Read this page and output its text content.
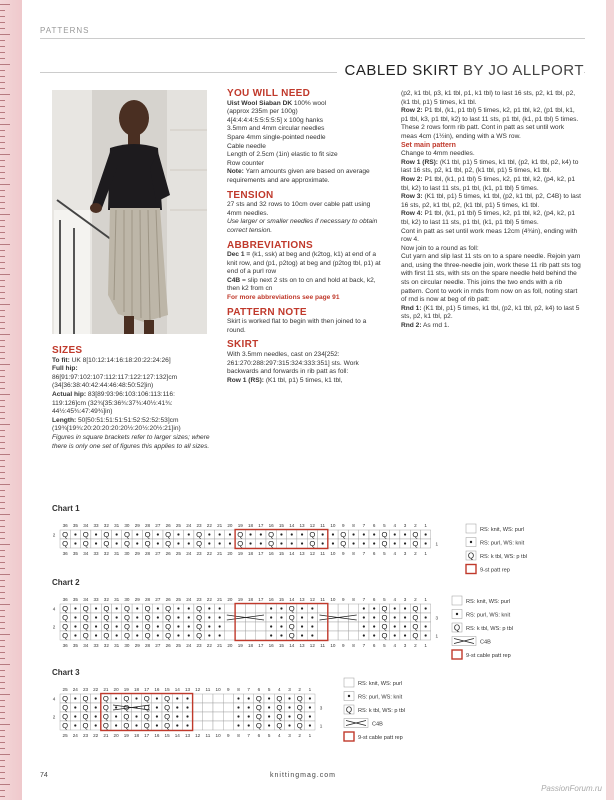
PATTERNS
CABLED SKIRT BY JO ALLPORT
SIZES

To fit: UK 8[10:12:14:16:18:20:22:24:26]

Full hip:

86[91:97:102:107:112:117:122:127:132]cm

(34[36:38:40:42:44:46:48:50:52]in)

Actual hip: 83[89:93:96:103:106:113:116:

119:126]cm (32¾[35:36¾:37¾:40½:41¾:

44½:45¾:47:49¾]in)

Length: 50[50:51:51:51:51:52:52:52:53]cm

(19¾[19¾:20:20:20:20:20½:20½:20½:21]in)

Figures in square brackets refer to larger sizes; where there is only one set of figures this applies to all sizes.

YOU WILL NEED

Uist Wool Siaban DK 100% wool

(approx 235m per 100g)

4[4:4:4:4:5:5:5:5:5] x 100g hanks

3.5mm and 4mm circular needles

Spare 4mm single-pointed needle

Cable needle

Length of 2.5cm (1in) elastic to fit size

Row counter

Note: Yarn amounts given are based on average requirements and are approximate.

TENSION

27 sts and 32 rows to 10cm over cable patt using 4mm needles.

Use larger or smaller needles if necessary to obtain correct tension.

ABBREVIATIONS

Dec 1 = (k1, ssk) at beg and (k2tog, k1) at end of a knit row, and (p1, p2tog) at beg and (p2tog tbl, p1) at end of a purl row

C4B = slip next 2 sts on to cn and hold at back, k2, then k2 from cn

For more abbreviations see page 91

PATTERN NOTE

Skirt is worked flat to begin with then joined to a round.

SKIRT

With 3.5mm needles, cast on 234[252: 261:270:288:297:315:324:333:351] sts. Work backwards and forwards in rib patt as foll:

Row 1 (RS): (K1 tbl, p1) 5 times, k1 tbl,

(p2, k1 tbl, p3, k1 tbl, p1, k1 tbl) to last 16 sts, p2, k1 tbl, p2, (k1 tbl, p1) 5 times, k1 tbl.

Row 2: P1 tbl, (k1, p1 tbl) 5 times, k2, p1 tbl, k2, (p1 tbl, k1, p1 tbl, k3, p1 tbl, k2) to last 11 sts, p1 tbl, (k1, p1 tbl) 5 times.

These 2 rows form rib patt. Cont in patt as set until work meas 4cm (1½in), ending with a WS row.

Set main pattern

Change to 4mm needles.

Row 1 (RS): (K1 tbl, p1) 5 times, k1 tbl, (p2, k1 tbl, p2, k4) to last 16 sts, p2, k1 tbl, p2, (k1 tbl, p1) 5 times, k1 tbl.

Row 2: P1 tbl, (k1, p1 tbl) 5 times, k2, p1 tbl, k2, (p4, k2, p1 tbl, k2) to last 11 sts, p1 tbl, (k1, p1 tbl) 5 times.

Row 3: (K1 tbl, p1) 5 times, k1 tbl, (p2, k1 tbl, p2, C4B) to last 16 sts, p2, k1 tbl, p2, (k1 tbl, p1) 5 times, k1 tbl.

Row 4: P1 tbl, (k1, p1 tbl) 5 times, k2, p1 tbl, k2, (p4, k2, p1 tbl, k2) to last 11 sts, p1 tbl, (k1, p1 tbl) 5 times.

Cont in patt as set until work meas 12cm (4¾in), ending with row 4.

Now join to a round as foll:

Cut yarn and slip last 11 sts on to a spare needle. Rejoin yarn and, using the three-needle join, work these 11 rib patt sts tog with first 11 sts, with sts on the spare needle held behind the sts on circular needle. This joins the two ends with a rib pattern. Cont to work in rnds from now on as foll, noting start of rnd is now at beg of rib patt:

Rnd 1: (K1 tbl, p1) 5 times, k1 tbl, (p2, k1 tbl, p2, k4) to last 5 sts, p2, k1 tbl, p2.

Rnd 2: As rnd 1.

Chart 1
36
36
35
35
34
34
33
33
32
32
31
31
30
30
29
29
28
28
27
27
26
26
25
25
24
24
23
23
22
22
21
21
20
20
19
19
18
18
17
17
16
16
15
15
14
14
13
13
12
12
11
11
10
10
9
9
8
8
7
7
6
6
5
5
4
4
3
3
2
2
1
1
2
1
Q Q Q Q Q Q	Q	Q	Q	Q	Q	Q	Q
Q Q Q Q Q Q	Q	Q	Q	Q	Q	Q	Q
RS: knit, WS: purl
RS: purl, WS: knit
Q RS: k tbl, WS: p tbl
9-st patt rep
Chart 2
36
36
35
35
34
34
33
33
32
32
31
31
30
30
29
29
28
28
27
27
26
26
25
25
24
24
23
23
22
22
21
21
20
20
19
19
18
18
17
17
16
16
15
15
14
14
13
13
12
12
11
11
10
10
9
9
8
8
7
7
6
6
5
5
4
4
3
3
2
2
1
1
4
3
2
1
Q Q Q Q Q Q	Q	Q	Q	Q
Q Q Q Q Q Q	Q	Q	Q	Q
Q Q Q Q Q Q	Q	Q	Q	Q
Q Q Q Q Q Q	Q	Q	Q	Q
RS: knit, WS: purl
RS: purl, WS: knit
Q RS: k tbl, WS: p tbl
C4B
9-st cable patt rep
Chart 3
25
25
24
24
23
23
22
22
21
21
20
20
19
19
18
18
17
17
16
16
15
15
14
14
13
13
12
12
11
11
10
10
9
9
8
8
7
7
6
6
5
5
4
4
3
3
2
2
1
1
4
3
2
1
Q Q Q Q Q Q	Q Q Q
Q Q Q Q Q Q	Q Q Q
Q Q Q Q Q Q	Q Q Q
Q Q Q Q Q Q	Q Q Q
RS: knit, WS: purl
RS: purl, WS: knit
Q RS: k tbl, WS: p tbl
C4B
9-st cable patt rep
74	knittingmag.com
PassionForum.ru
